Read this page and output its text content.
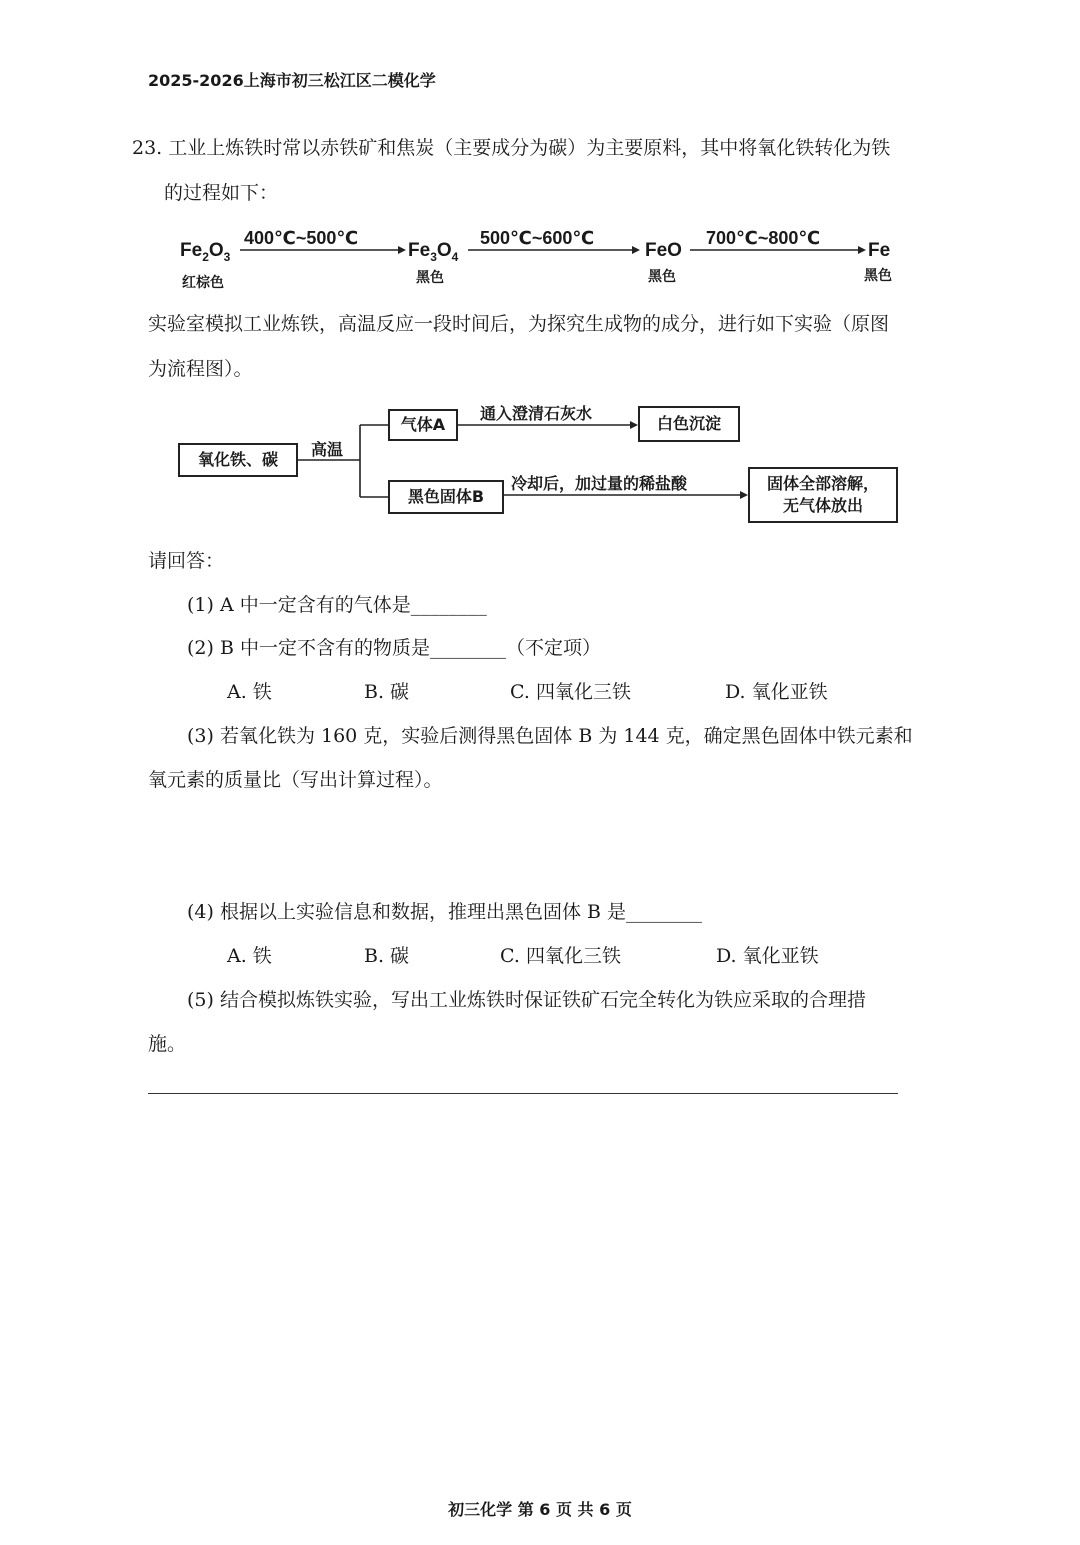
2025-2026上海市初三松江区二模化学
23. 工业上炼铁时常以赤铁矿和焦炭（主要成分为碳）为主要原料，其中将氧化铁转化为铁
的过程如下：
$Fe_2O_3$
红棕色
400℃~500℃
$Fe_3O_4$
黑色
500℃~600℃
FeO
黑色
700℃~800℃
Fe
黑色
实验室模拟工业炼铁，高温反应一段时间后，为探究生成物的成分，进行如下实验（原图
为流程图）。
氧化铁、碳
高温
气体A
通入澄清石灰水
白色沉淀
黑色固体B
冷却后，加过量的稀盐酸	固体全部溶解，
无气体放出
请回答：
(1) A 中一定含有的气体是________
(2) B 中一定不含有的物质是________（不定项）
A. 铁	B. 碳	C. 四氧化三铁	D. 氧化亚铁
(3) 若氧化铁为 160 克，实验后测得黑色固体 B 为 144 克，确定黑色固体中铁元素和
氧元素的质量比（写出计算过程）。
(4) 根据以上实验信息和数据，推理出黑色固体 B 是________
A. 铁	B. 碳	C. 四氧化三铁	D. 氧化亚铁
(5) 结合模拟炼铁实验，写出工业炼铁时保证铁矿石完全转化为铁应采取的合理措
施。
初三化学 第 6 页 共 6 页
